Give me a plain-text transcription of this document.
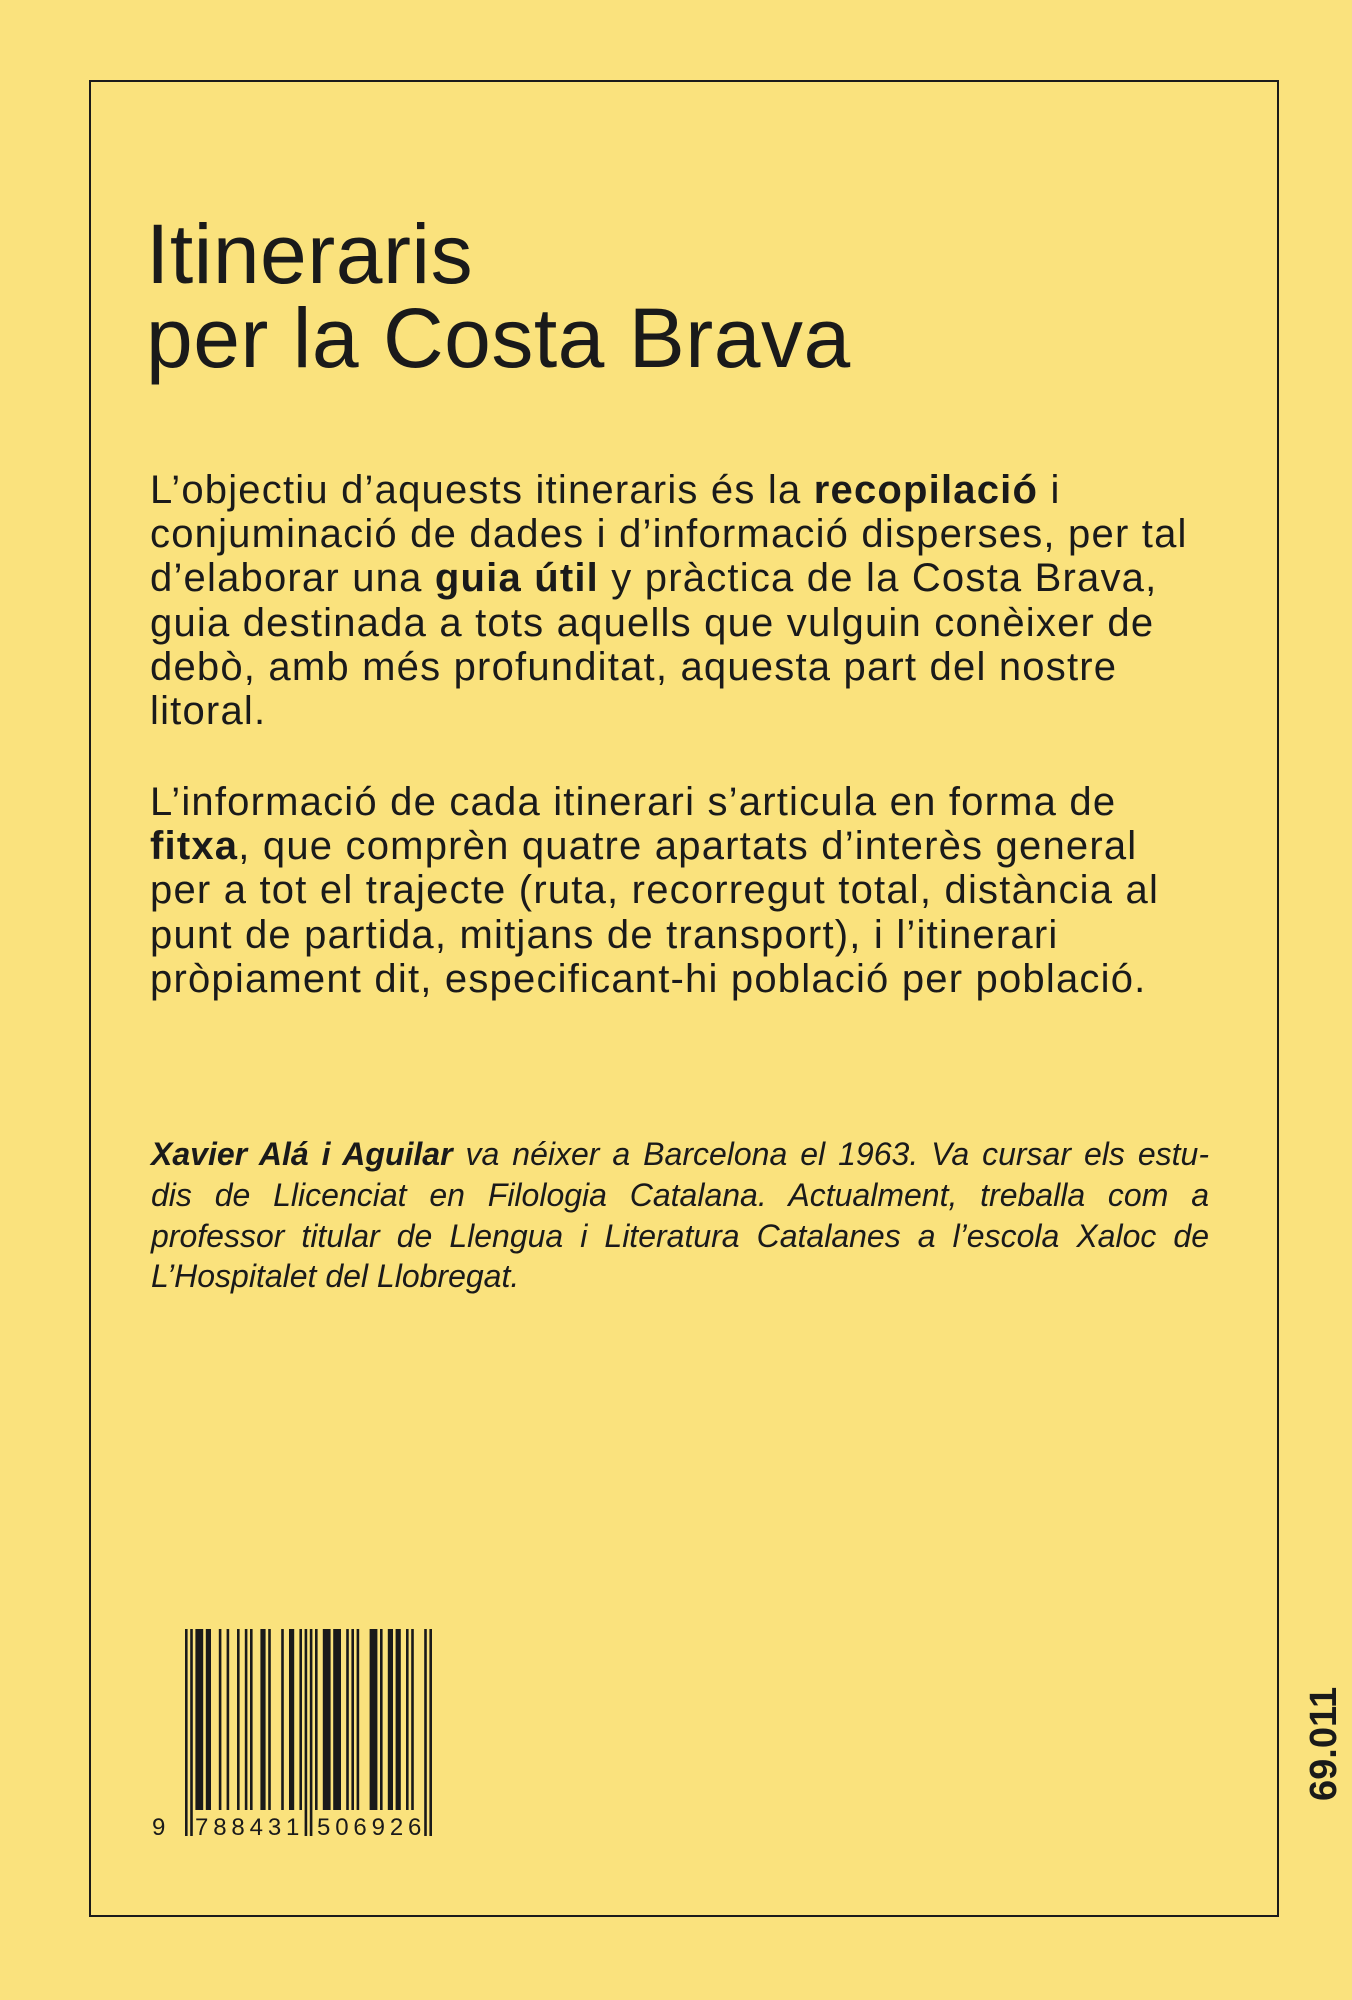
Itineraris
per la Costa Brava
L’objectiu d’aquests itineraris és la recopilació i
conjuminació de dades i d’informació disperses, per tal
d’elaborar una guia útil y pràctica de la Costa Brava,
guia destinada a tots aquells que vulguin conèixer de
debò, amb més profunditat, aquesta part del nostre
litoral.
L’informació de cada itinerari s’articula en forma de
fitxa, que comprèn quatre apartats d’interès general
per a tot el trajecte (ruta, recorregut total, distància al
punt de partida, mitjans de transport), i l’itinerari
pròpiament dit, especificant-hi població per població.
Xavier Alá i Aguilar va néixer a Barcelona el 1963. Va cursar els estu-
dis de Llicenciat en Filologia Catalana. Actualment, treballa com a
professor titular de Llengua i Literatura Catalanes a l’escola Xaloc de
L’Hospitalet del Llobregat.
9 788431 506926
69.011
